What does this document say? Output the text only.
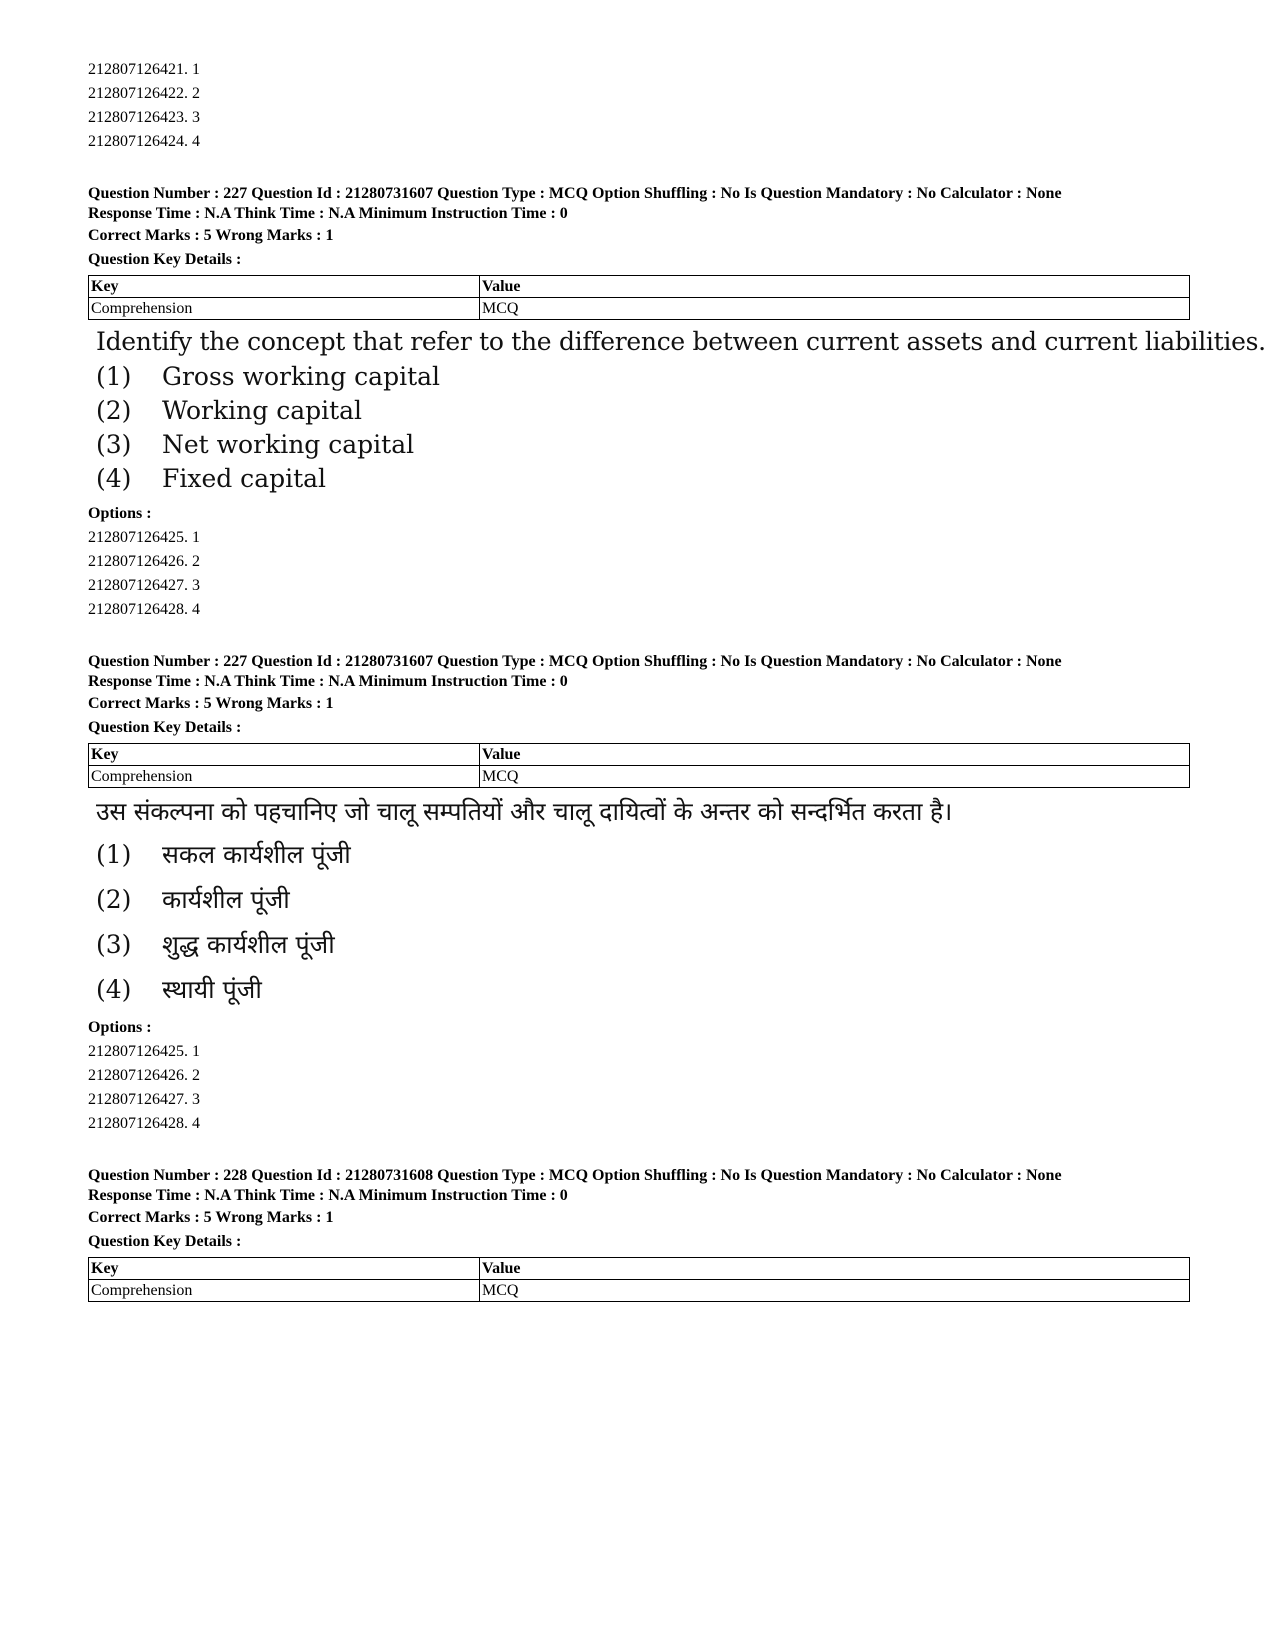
212807126421. 1

212807126422. 2

212807126423. 3

212807126424. 4

Question Number : 227 Question Id : 21280731607 Question Type : MCQ Option Shuffling : No Is Question Mandatory : No Calculator : None

Response Time : N.A Think Time : N.A Minimum Instruction Time : 0

Correct Marks : 5 Wrong Marks : 1

Question Key Details :

Key	Value
Comprehension	MCQ

Identify the concept that refer to the difference between current assets and current liabilities.

(1)	Gross working capital
(2)	Working capital
(3)	Net working capital
(4)	Fixed capital

Options :

212807126425. 1

212807126426. 2

212807126427. 3

212807126428. 4

Question Number : 227 Question Id : 21280731607 Question Type : MCQ Option Shuffling : No Is Question Mandatory : No Calculator : None

Response Time : N.A Think Time : N.A Minimum Instruction Time : 0

Correct Marks : 5 Wrong Marks : 1

Question Key Details :

Key	Value
Comprehension	MCQ

उस संकल्पना को पहचानिए जो चालू सम्पतियों और चालू दायित्वों के अन्तर को सन्दर्भित करता है।

(1)	सकल कार्यशील पूंजी
(2)	कार्यशील पूंजी
(3)	शुद्ध कार्यशील पूंजी
(4)	स्थायी पूंजी

Options :

212807126425. 1

212807126426. 2

212807126427. 3

212807126428. 4

Question Number : 228 Question Id : 21280731608 Question Type : MCQ Option Shuffling : No Is Question Mandatory : No Calculator : None

Response Time : N.A Think Time : N.A Minimum Instruction Time : 0

Correct Marks : 5 Wrong Marks : 1

Question Key Details :

Key	Value
Comprehension	MCQ
